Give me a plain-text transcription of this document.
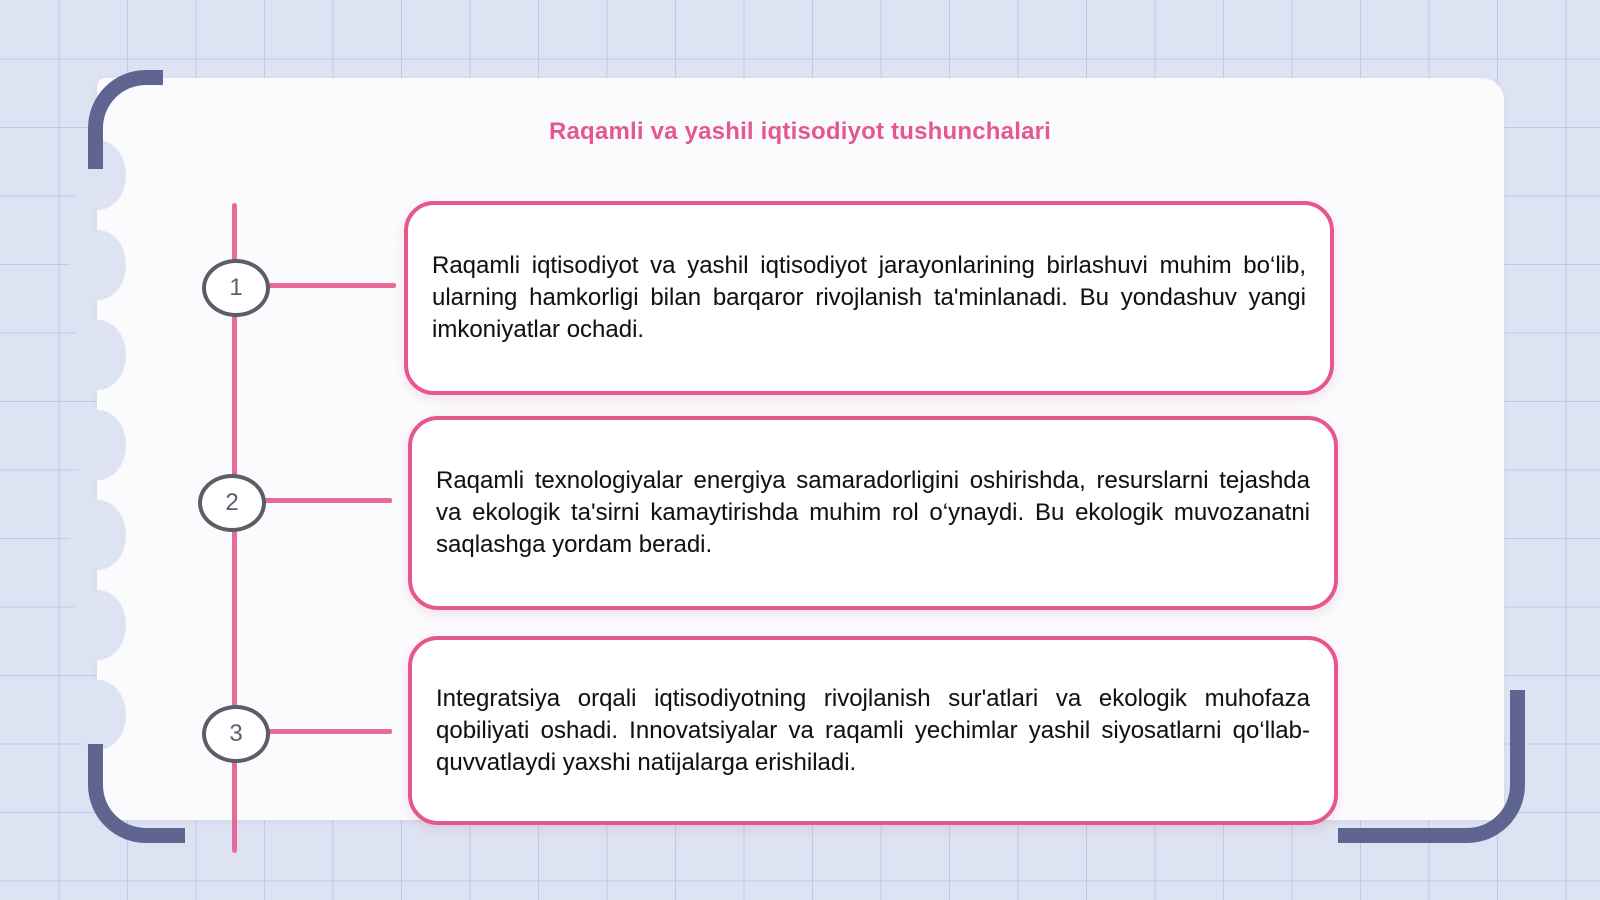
Raqamli va yashil iqtisodiyot tushunchalari
1
2
3
Raqamli iqtisodiyot va yashil iqtisodiyot jarayonlarining birlashuvi muhim bo‘lib, ularning hamkorligi bilan barqaror rivojlanish ta'minlanadi. Bu yondashuv yangi imkoniyatlar ochadi.
Raqamli texnologiyalar energiya samaradorligini oshirishda, resurslarni tejashda va ekologik ta'sirni kamaytirishda muhim rol o‘ynaydi. Bu ekologik muvozanatni saqlashga yordam beradi.
Integratsiya orqali iqtisodiyotning rivojlanish sur'atlari va ekologik muhofaza qobiliyati oshadi. Innovatsiyalar va raqamli yechimlar yashil siyosatlarni qo‘llab-quvvatlaydi yaxshi natijalarga erishiladi.
